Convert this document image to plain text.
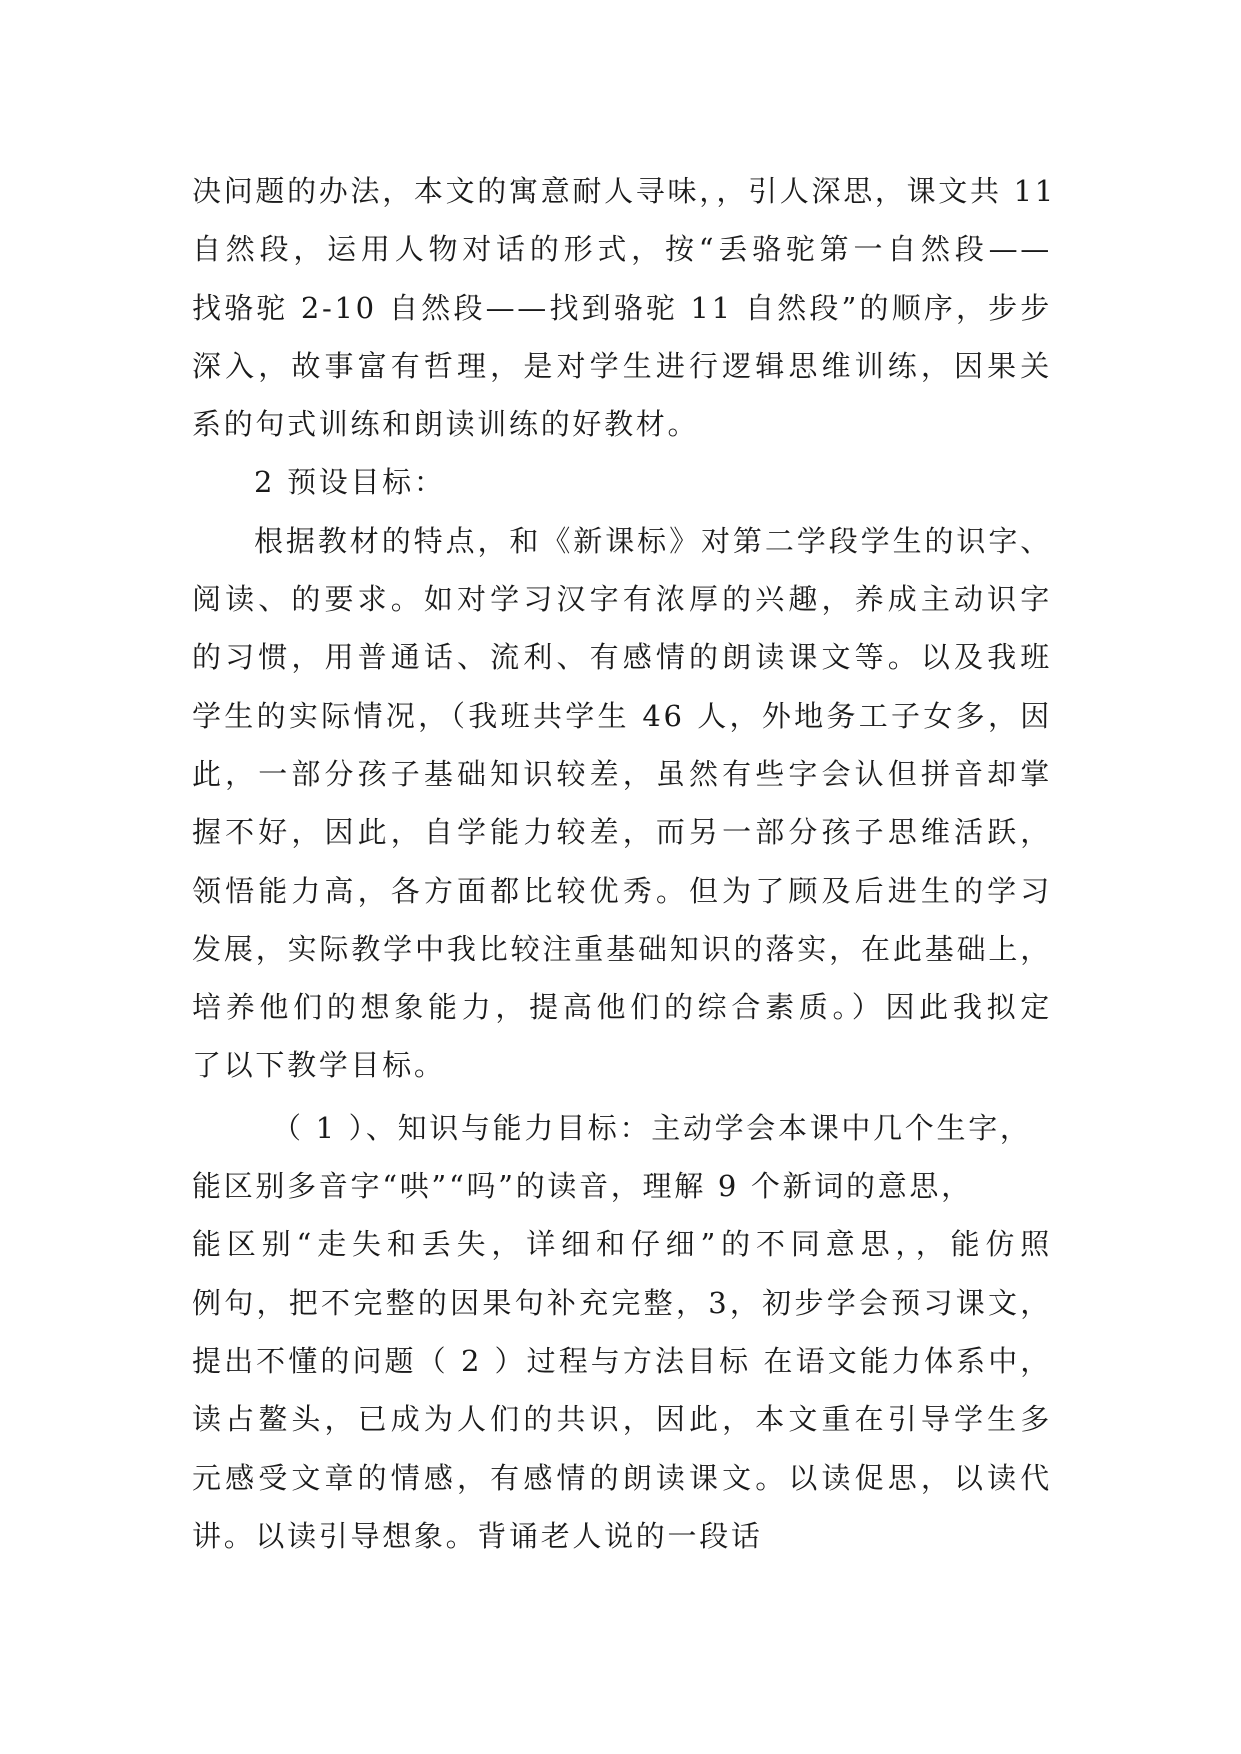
决问题的办法，本文的寓意耐人寻味，，引人深思，课文共 11
自然段，运用人物对话的形式，按“丢骆驼第一自然段——
找骆驼 2-10 自然段——找到骆驼 11 自然段”的顺序，步步
深入，故事富有哲理，是对学生进行逻辑思维训练，因果关
系的句式训练和朗读训练的好教材。
2 预设目标：
根据教材的特点，和《新课标》对第二学段学生的识字、
阅读、的要求。如对学习汉字有浓厚的兴趣，养成主动识字
的习惯，用普通话、流利、有感情的朗读课文等。以及我班
学生的实际情况，（我班共学生 46 人，外地务工子女多，因
此，一部分孩子基础知识较差，虽然有些字会认但拼音却掌
握不好，因此，自学能力较差，而另一部分孩子思维活跃，
领悟能力高，各方面都比较优秀。但为了顾及后进生的学习
发展，实际教学中我比较注重基础知识的落实，在此基础上，
培养他们的想象能力，提高他们的综合素质。）因此我拟定
了以下教学目标。
（ 1 ）、知识与能力目标：主动学会本课中几个生字，
能区别多音字“哄”“吗”的读音，理解 9 个新词的意思，
能区别“走失和丢失，详细和仔细”的不同意思，，能仿照
例句，把不完整的因果句补充完整，3，初步学会预习课文，
提出不懂的问题（ 2 ）过程与方法目标 在语文能力体系中，
读占鳌头，已成为人们的共识，因此，本文重在引导学生多
元感受文章的情感，有感情的朗读课文。以读促思，以读代
讲。以读引导想象。背诵老人说的一段话
